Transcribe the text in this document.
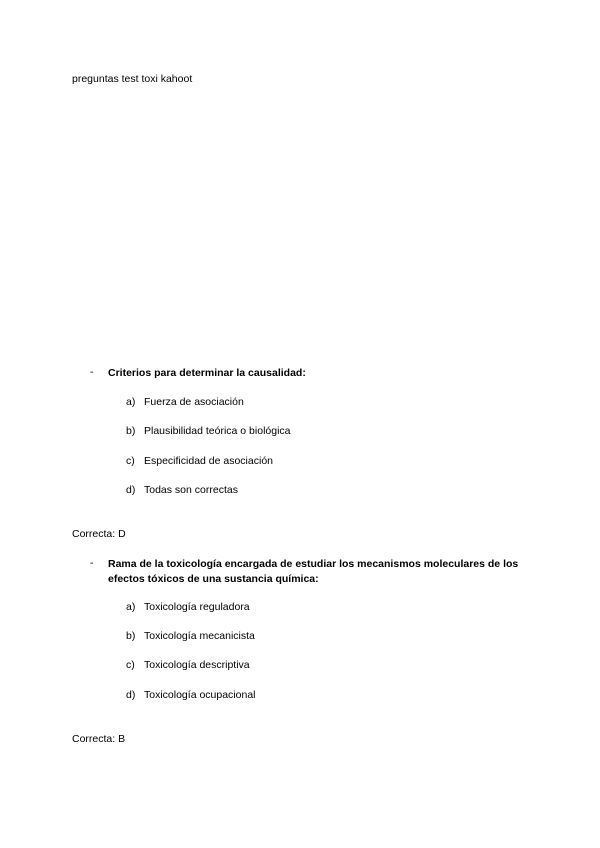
preguntas test toxi kahoot
- Criterios para determinar la causalidad:
a) Fuerza de asociación
b) Plausibilidad teórica o biológica
c) Especificidad de asociación
d) Todas son correctas
Correcta: D
- Rama de la toxicología encargada de estudiar los mecanismos moleculares de los efectos tóxicos de una sustancia química:
a) Toxicología reguladora
b) Toxicología mecanicista
c) Toxicología descriptiva
d) Toxicología ocupacional
Correcta: B
